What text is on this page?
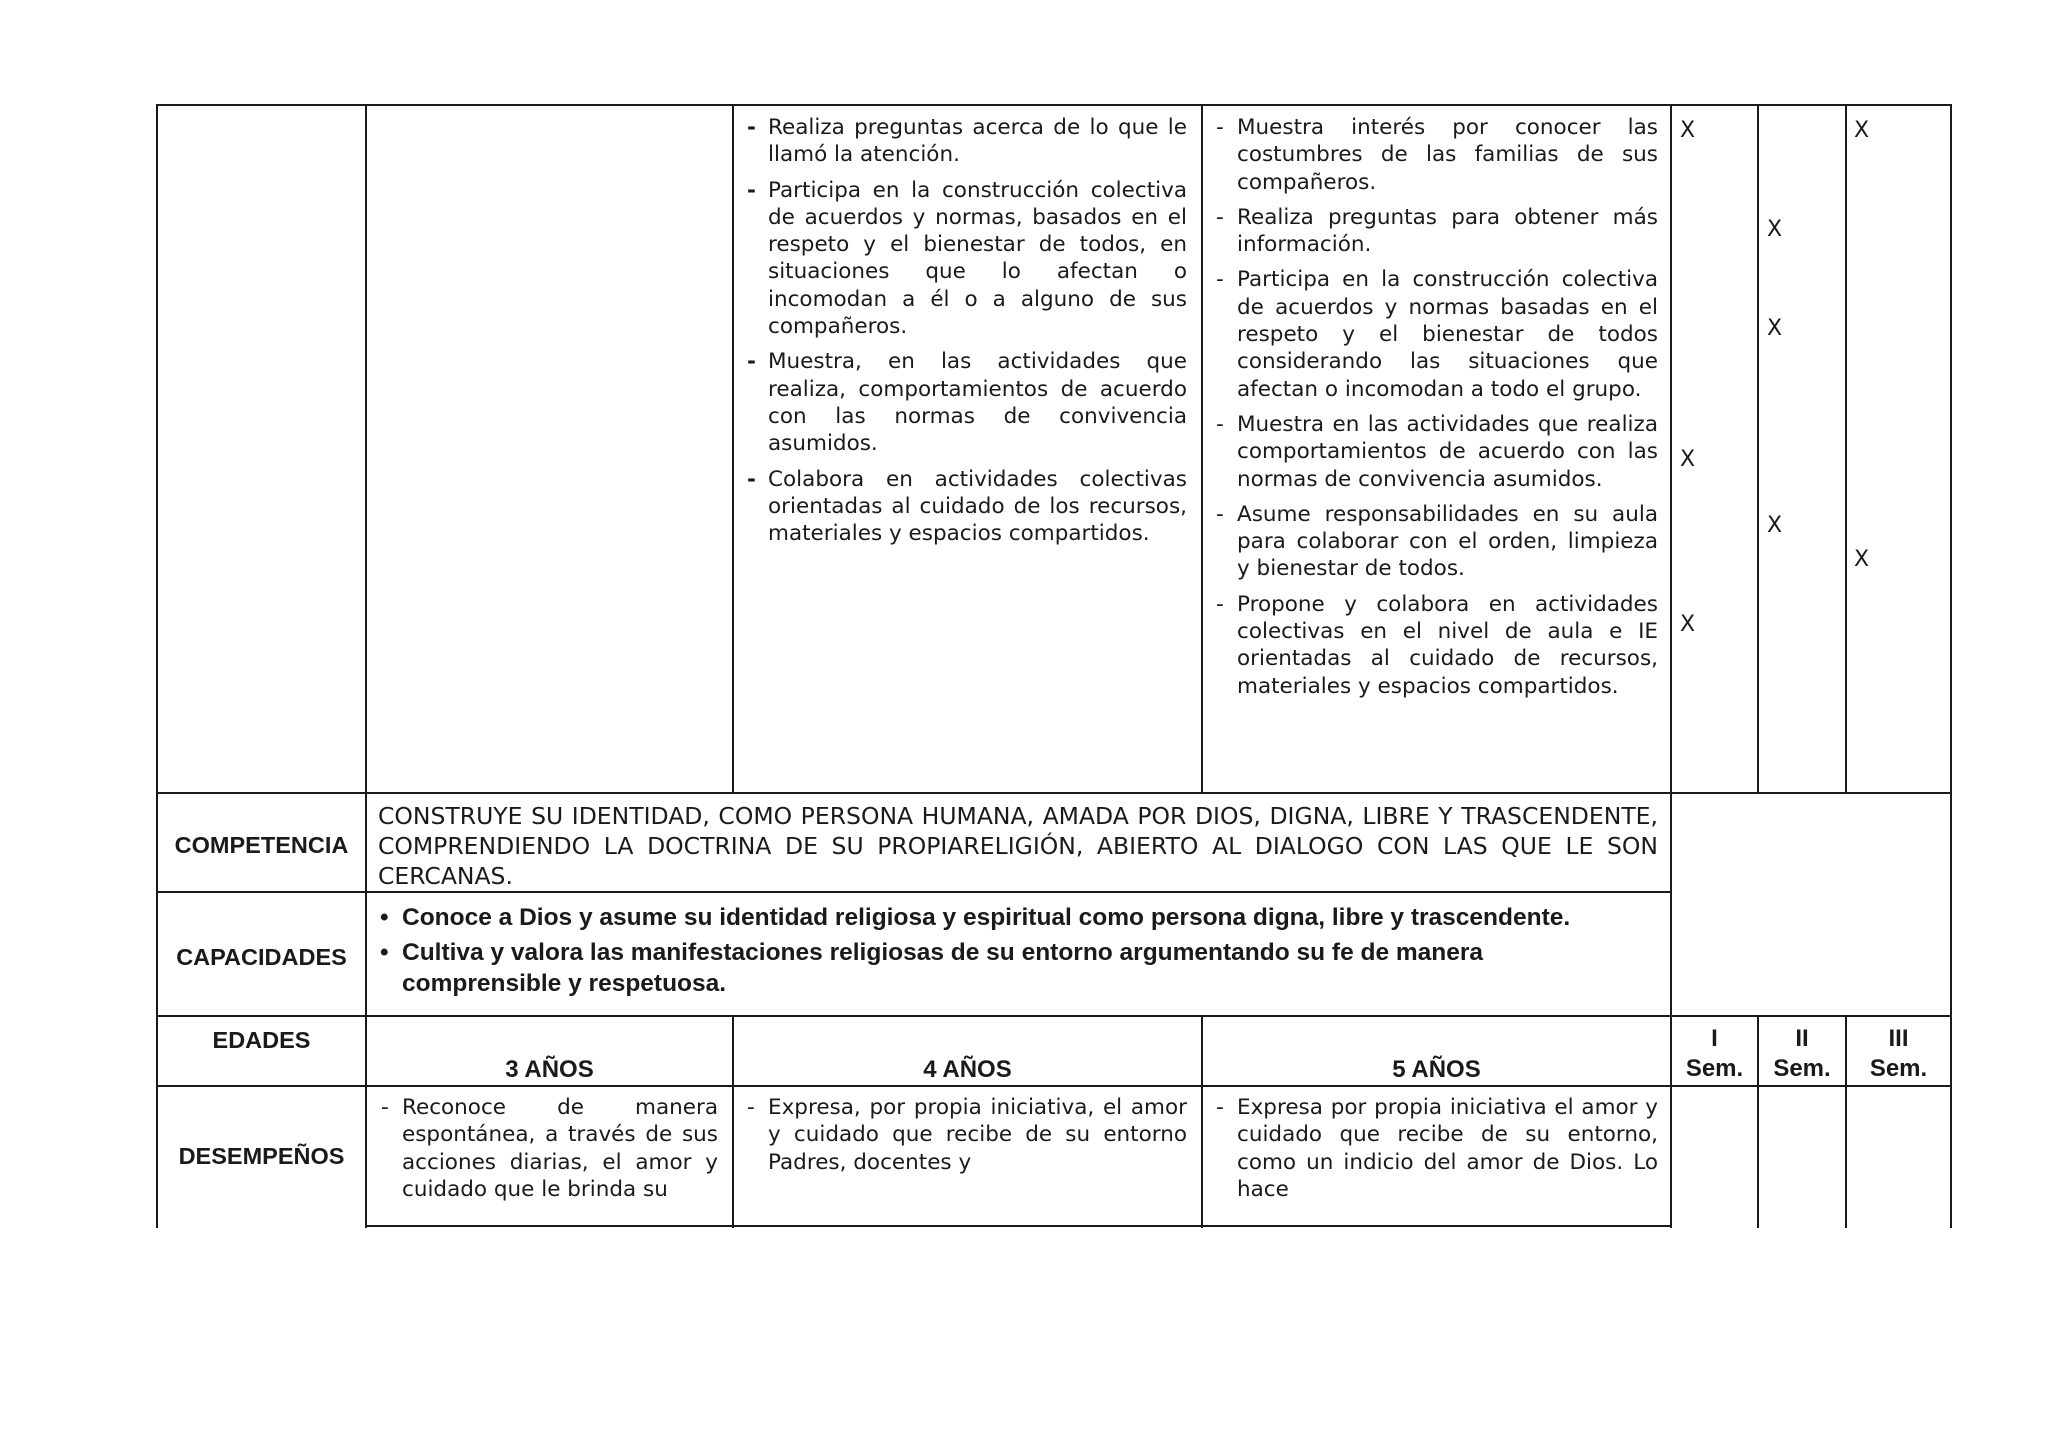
- Realiza preguntas acerca de lo que le llamó la atención.
- Participa en la construcción colectiva de acuerdos y normas, basados en el respeto y el bienestar de todos, en situaciones que lo afectan o incomodan a él o a alguno de sus compañeros.
- Muestra, en las actividades que realiza, comportamientos de acuerdo con las normas de convivencia asumidos.
- Colabora en actividades colectivas orientadas al cuidado de los recursos, materiales y espacios compartidos.
- Muestra interés por conocer las costumbres de las familias de sus compañeros.
- Realiza preguntas para obtener más información.
- Participa en la construcción colectiva de acuerdos y normas basadas en el respeto y el bienestar de todos considerando las situaciones que afectan o incomodan a todo el grupo.
- Muestra en las actividades que realiza comportamientos de acuerdo con las normas de convivencia asumidos.
- Asume responsabilidades en su aula para colaborar con el orden, limpieza y bienestar de todos.
- Propone y colabora en actividades colectivas en el nivel de aula e IE orientadas al cuidado de recursos, materiales y espacios compartidos.
X
X
X
X
X
X
X
X
COMPETENCIA
CONSTRUYE SU IDENTIDAD, COMO PERSONA HUMANA, AMADA POR DIOS, DIGNA, LIBRE Y TRASCENDENTE, COMPRENDIENDO LA DOCTRINA DE SU PROPIARELIGIÓN, ABIERTO AL DIALOGO CON LAS QUE LE SON CERCANAS.
CAPACIDADES
• Conoce a Dios y asume su identidad religiosa y espiritual como persona digna, libre y trascendente.
• Cultiva y valora las manifestaciones religiosas de su entorno argumentando su fe de manera comprensible y respetuosa.
EDADES
3 AÑOS	4 AÑOS	5 AÑOS
I
Sem.
II
Sem.
III
Sem.
DESEMPEÑOS
- Reconoce de manera espontánea, a través de sus acciones diarias, el amor y cuidado que le brinda su
- Expresa, por propia iniciativa, el amor y cuidado que recibe de su entorno Padres, docentes y
- Expresa por propia iniciativa el amor y cuidado que recibe de su entorno, como un indicio del amor de Dios. Lo hace
